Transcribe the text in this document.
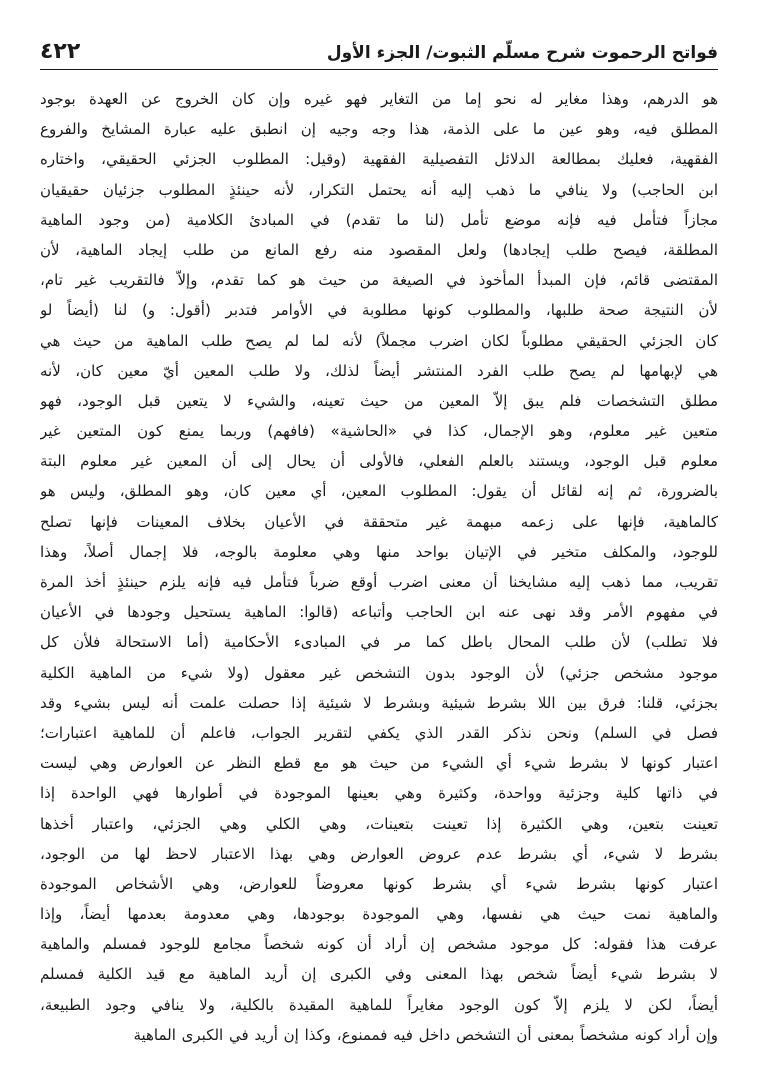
٤٢٢	فواتح الرحموت شرح مسلّم الثبوت/ الجزء الأول
هو الدرهم، وهذا مغاير له نحو إما من التغاير فهو غيره وإن كان الخروج عن العهدة بوجود
المطلق فيه، وهو عين ما على الذمة، هذا وجه وجيه إن انطبق عليه عبارة المشايخ والفروع
الفقهية، فعليك بمطالعة الدلائل التفصيلية الفقهية (وقيل: المطلوب الجزئي الحقيقي، واختاره
ابن الحاجب) ولا ينافي ما ذهب إليه أنه يحتمل التكرار، لأنه حينئذٍ المطلوب جزئيان حقيقيان
مجازاً فتأمل فيه فإنه موضع تأمل (لنا ما تقدم) في المبادئ الكلامية (من وجود الماهية
المطلقة، فيصح طلب إيجادها) ولعل المقصود منه رفع المانع من طلب إيجاد الماهية، لأن
المقتضى قائم، فإن المبدأ المأخوذ في الصيغة من حيث هو كما تقدم، وإلاّ فالتقريب غير تام،
لأن النتيجة صحة طلبها، والمطلوب كونها مطلوبة في الأوامر فتدبر (أقول: و) لنا (أيضاً لو
كان الجزئي الحقيقي مطلوباً لكان اضرب مجملاً) لأنه لما لم يصح طلب الماهية من حيث هي
هي لإبهامها لم يصح طلب الفرد المنتشر أيضاً لذلك، ولا طلب المعين أيّ معين كان، لأنه
مطلق التشخصات فلم يبق إلاّ المعين من حيث تعينه، والشيء لا يتعين قبل الوجود، فهو
متعين غير معلوم، وهو الإجمال، كذا في «الحاشية» (فافهم) وربما يمنع كون المتعين غير
معلوم قبل الوجود، ويستند بالعلم الفعلي، فالأولى أن يحال إلى أن المعين غير معلوم البتة
بالضرورة، ثم إنه لقائل أن يقول: المطلوب المعين، أي معين كان، وهو المطلق، وليس هو
كالماهية، فإنها على زعمه مبهمة غير متحققة في الأعيان بخلاف المعينات فإنها تصلح
للوجود، والمكلف متخير في الإتيان بواحد منها وهي معلومة بالوجه، فلا إجمال أصلاً، وهذا
تقريب، مما ذهب إليه مشايخنا أن معنى اضرب أوقع ضرباً فتأمل فيه فإنه يلزم حينئذٍ أخذ المرة
في مفهوم الأمر وقد نهى عنه ابن الحاجب وأتباعه (قالوا: الماهية يستحيل وجودها في الأعيان
فلا تطلب) لأن طلب المحال باطل كما مر في المبادىء الأحكامية (أما الاستحالة فلأن كل
موجود مشخص جزئي) لأن الوجود بدون التشخص غير معقول (ولا شيء من الماهية الكلية
بجزئي، قلنا: فرق بين اللا بشرط شيئية وبشرط لا شيئية إذا حصلت علمت أنه ليس بشيء وقد
فصل في السلم) ونحن نذكر القدر الذي يكفي لتقرير الجواب، فاعلم أن للماهية اعتبارات؛
اعتبار كونها لا بشرط شيء أي الشيء من حيث هو مع قطع النظر عن العوارض وهي ليست
في ذاتها كلية وجزئية وواحدة، وكثيرة وهي بعينها الموجودة في أطوارها فهي الواحدة إذا
تعينت بتعين، وهي الكثيرة إذا تعينت بتعينات، وهي الكلي وهي الجزئي، واعتبار أخذها
بشرط لا شيء، أي بشرط عدم عروض العوارض وهي بهذا الاعتبار لاحظ لها من الوجود،
اعتبار كونها بشرط شيء أي بشرط كونها معروضاً للعوارض، وهي الأشخاص الموجودة
والماهية نمت حيث هي نفسها، وهي الموجودة بوجودها، وهي معدومة بعدمها أيضاً، وإذا
عرفت هذا فقوله: كل موجود مشخص إن أراد أن كونه شخصاً مجامع للوجود فمسلم والماهية
لا بشرط شيء أيضاً شخص بهذا المعنى وفي الكبرى إن أريد الماهية مع قيد الكلية فمسلم
أيضاً، لكن لا يلزم إلاّ كون الوجود مغايراً للماهية المقيدة بالكلية، ولا ينافي وجود الطبيعة،
وإن أراد كونه مشخصاً بمعنى أن التشخص داخل فيه فممنوع، وكذا إن أريد في الكبرى الماهية
